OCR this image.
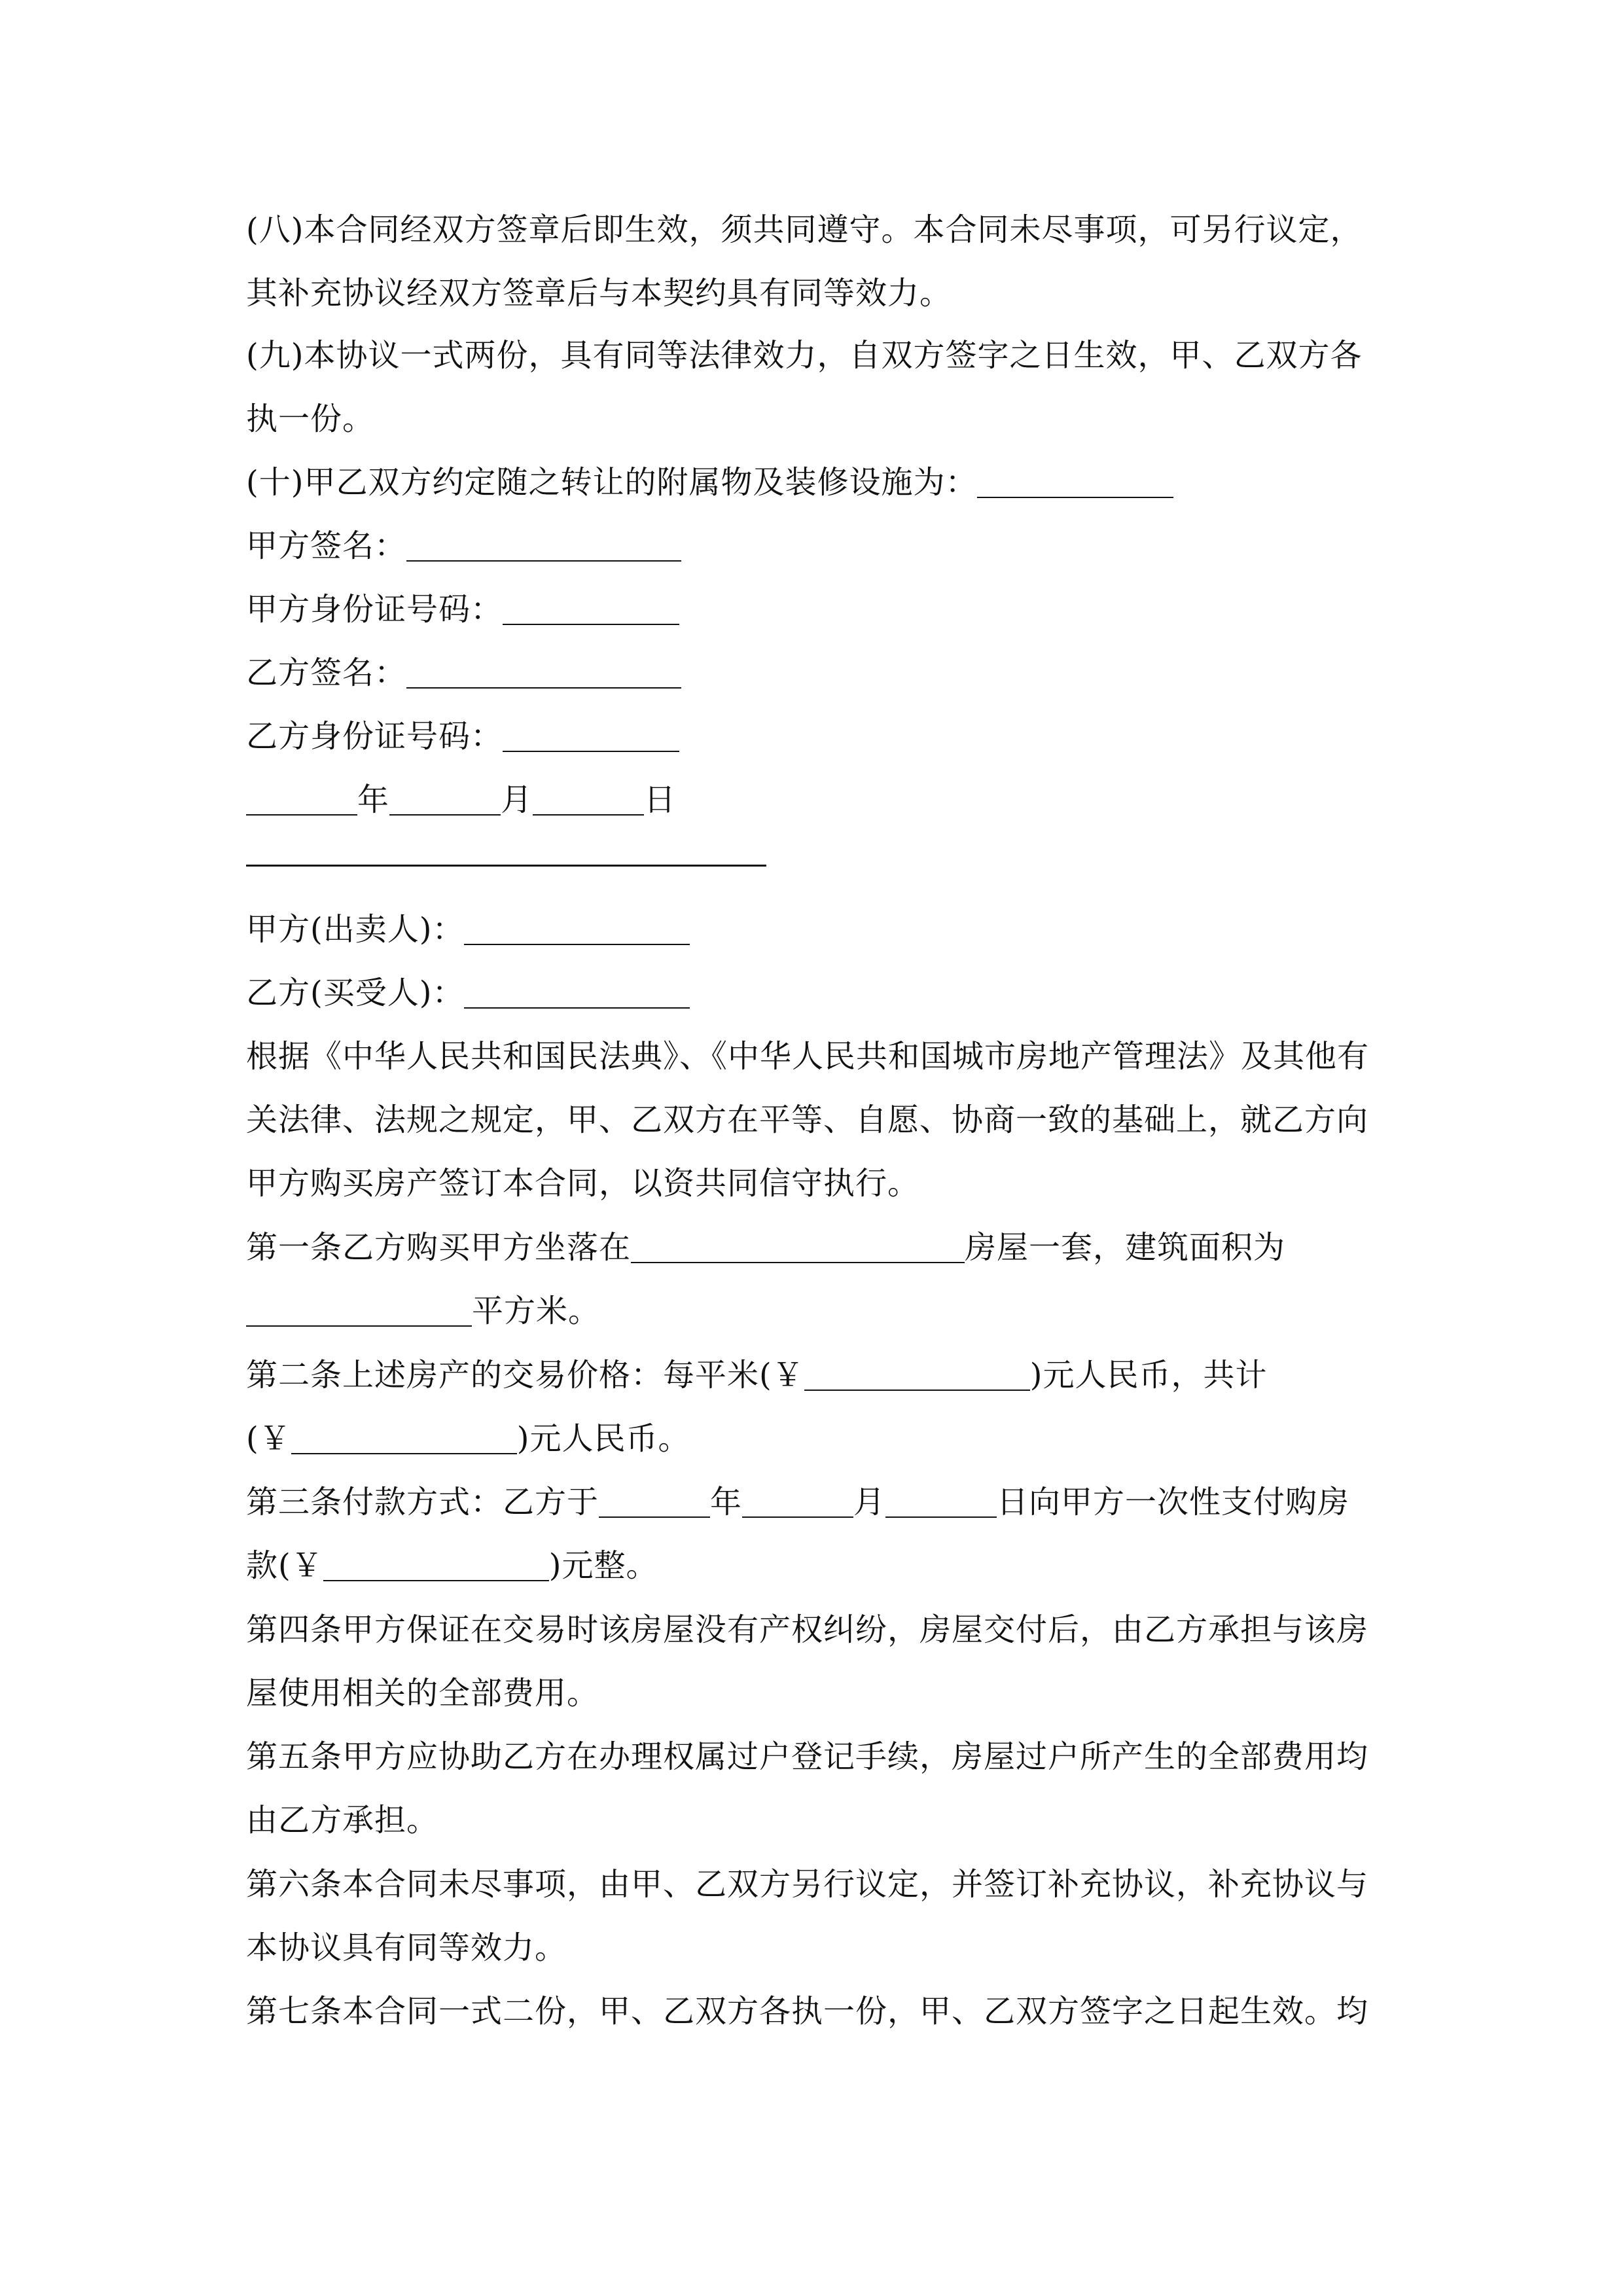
(八)本合同经双方签章后即生效，须共同遵守。本合同未尽事项，可另行议定，
其补充协议经双方签章后与本契约具有同等效力。
(九)本协议一式两份，具有同等法律效力，自双方签字之日生效，甲、乙双方各
执一份。
(十)甲乙双方约定随之转让的附属物及装修设施为：
甲方签名：
甲方身份证号码：
乙方签名：
乙方身份证号码：
年	月	日
甲方(出卖人)：
乙方(买受人)：
根据《中华人民共和国民法典》、《中华人民共和国城市房地产管理法》及其他有
关法律、法规之规定，甲、乙双方在平等、自愿、协商一致的基础上，就乙方向
甲方购买房产签订本合同，以资共同信守执行。
第一条乙方购买甲方坐落在	房屋一套，建筑面积为
平方米。
第二条上述房产的交易价格：每平米(￥	)元人民币，共计
(￥	)元人民币。
第三条付款方式：乙方于	年	月	日向甲方一次性支付购房
款(￥	)元整。
第四条甲方保证在交易时该房屋没有产权纠纷，房屋交付后，由乙方承担与该房
屋使用相关的全部费用。
第五条甲方应协助乙方在办理权属过户登记手续，房屋过户所产生的全部费用均
由乙方承担。
第六条本合同未尽事项，由甲、乙双方另行议定，并签订补充协议，补充协议与
本协议具有同等效力。
第七条本合同一式二份，甲、乙双方各执一份，甲、乙双方签字之日起生效。均
